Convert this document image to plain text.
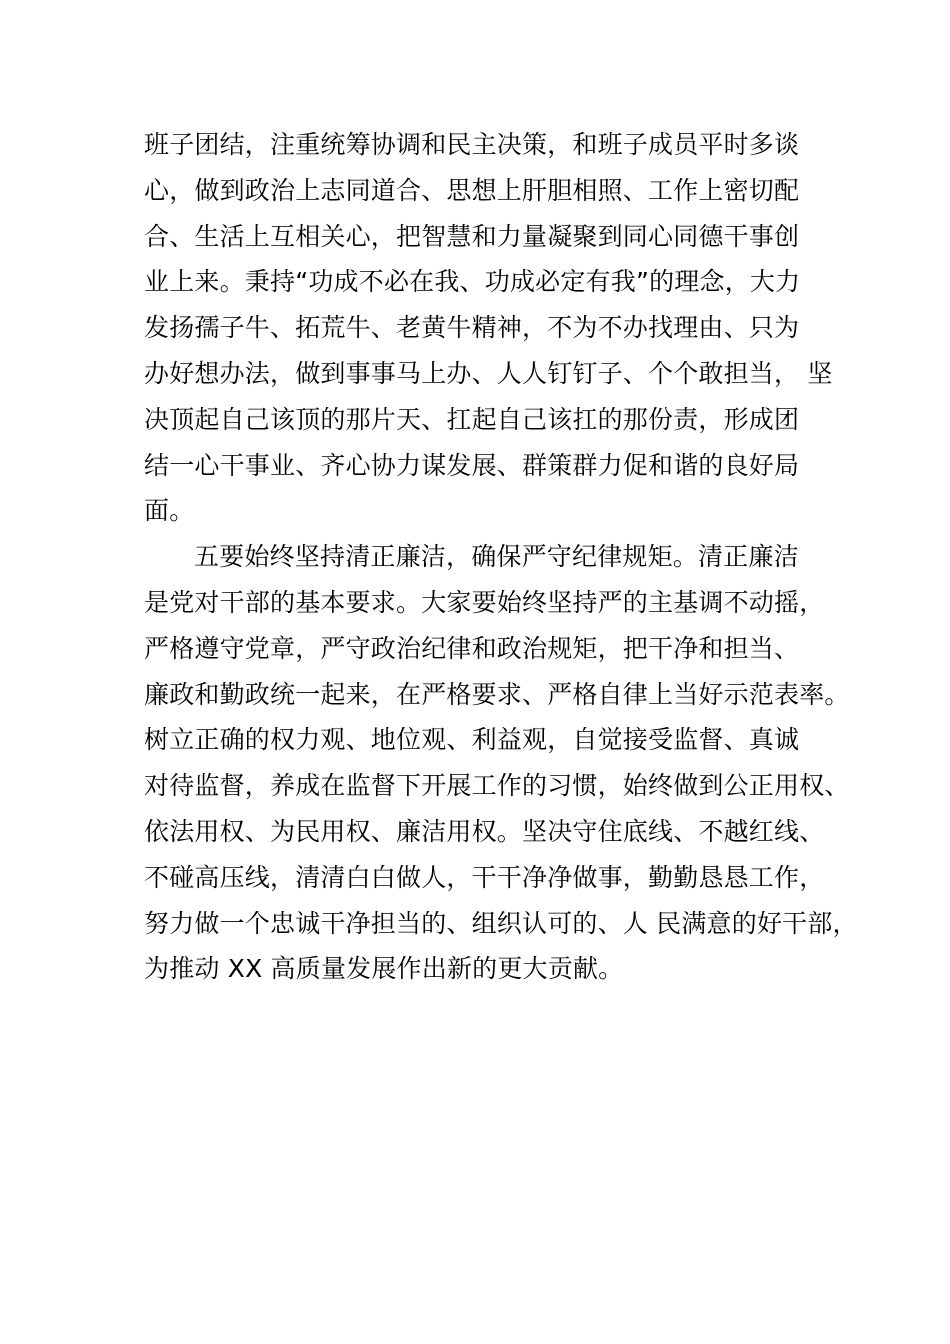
班子团结，注重统筹协调和民主决策，和班子成员平时多谈
心，做到政治上志同道合、思想上肝胆相照、工作上密切配
合、生活上互相关心，把智慧和力量凝聚到同心同德干事创
业上来。秉持“功成不必在我、功成必定有我”的理念，大力
发扬孺子牛、拓荒牛、老黄牛精神，不为不办找理由、只为
办好想办法，做到事事马上办、人人钉钉子、个个敢担当， 坚
决顶起自己该顶的那片天、扛起自己该扛的那份责，形成团
结一心干事业、齐心协力谋发展、群策群力促和谐的良好局
面。
五要始终坚持清正廉洁，确保严守纪律规矩。清正廉洁
是党对干部的基本要求。大家要始终坚持严的主基调不动摇，
严格遵守党章，严守政治纪律和政治规矩，把干净和担当、
廉政和勤政统一起来，在严格要求、严格自律上当好示范表率。
树立正确的权力观、地位观、利益观，自觉接受监督、真诚
对待监督，养成在监督下开展工作的习惯，始终做到公正用权、
依法用权、为民用权、廉洁用权。坚决守住底线、不越红线、
不碰高压线，清清白白做人，干干净净做事，勤勤恳恳工作，
努力做一个忠诚干净担当的、组织认可的、人 民满意的好干部，
为推动 XX 高质量发展作出新的更大贡献。
